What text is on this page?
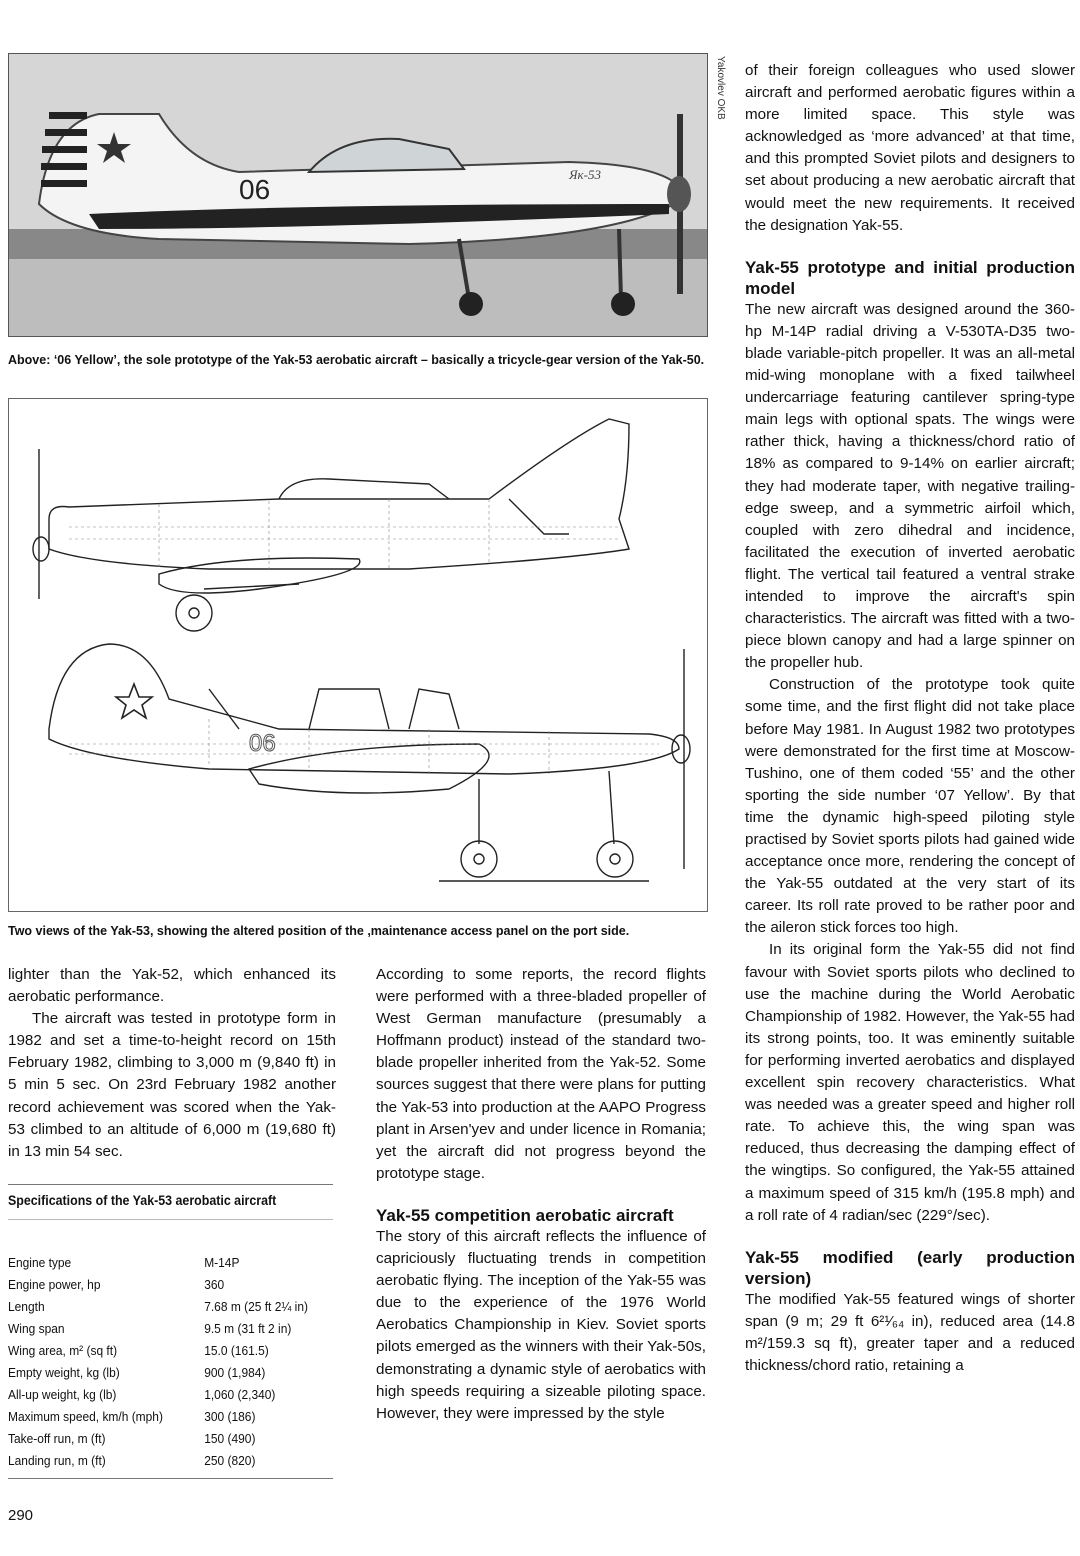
06	Як-53
Yakovlev OKB
Above: ‘06 Yellow’, the sole prototype of the Yak-53 aerobatic aircraft – basically a tricycle-gear version of the Yak-50.
06
Two views of the Yak-53, showing the altered position of the ,maintenance access panel on the port side.

lighter than the Yak-52, which enhanced its aerobatic performance.

The aircraft was tested in prototype form in 1982 and set a time-to-height record on 15th February 1982, climbing to 3,000 m (9,840 ft) in 5 min 5 sec. On 23rd February 1982 another record achievement was scored when the Yak-53 climbed to an altitude of 6,000 m (19,680 ft) in 13 min 54 sec.

Specifications of the Yak-53 aerobatic aircraft
Engine type	M-14P
Engine power, hp	360
Length	7.68 m (25 ft 2¼ in)
Wing span	9.5 m (31 ft 2 in)
Wing area, m² (sq ft)	15.0 (161.5)
Empty weight, kg (lb)	900 (1,984)
All-up weight, kg (lb)	1,060 (2,340)
Maximum speed, km/h (mph)	300 (186)
Take-off run, m (ft)	150 (490)
Landing run, m (ft)	250 (820)

According to some reports, the record flights were performed with a three-bladed propeller of West German manufacture (presumably a Hoffmann product) instead of the standard two-blade propeller inherited from the Yak-52. Some sources suggest that there were plans for putting the Yak-53 into production at the AAPO Progress plant in Arsen'yev and under licence in Romania; yet the aircraft did not progress beyond the prototype stage.

Yak-55 competition aerobatic aircraft

The story of this aircraft reflects the influence of capriciously fluctuating trends in competition aerobatic flying. The inception of the Yak-55 was due to the experience of the 1976 World Aerobatics Championship in Kiev. Soviet sports pilots emerged as the winners with their Yak-50s, demonstrating a dynamic style of aerobatics with high speeds requiring a sizeable piloting space. However, they were impressed by the style

of their foreign colleagues who used slower aircraft and performed aerobatic figures within a more limited space. This style was acknowledged as ‘more advanced’ at that time, and this prompted Soviet pilots and designers to set about producing a new aerobatic aircraft that would meet the new requirements. It received the designation Yak-55.

Yak-55 prototype and initial production model

The new aircraft was designed around the 360-hp M-14P radial driving a V-530TA-D35 two-blade variable-pitch propeller. It was an all-metal mid-wing monoplane with a fixed tailwheel undercarriage featuring cantilever spring-type main legs with optional spats. The wings were rather thick, having a thickness/chord ratio of 18% as compared to 9-14% on earlier aircraft; they had moderate taper, with negative trailing-edge sweep, and a symmetric airfoil which, coupled with zero dihedral and incidence, facilitated the execution of inverted aerobatic flight. The vertical tail featured a ventral strake intended to improve the aircraft's spin characteristics. The aircraft was fitted with a two-piece blown canopy and had a large spinner on the propeller hub.

Construction of the prototype took quite some time, and the first flight did not take place before May 1981. In August 1982 two prototypes were demonstrated for the first time at Moscow-Tushino, one of them coded ‘55’ and the other sporting the side number ‘07 Yellow’. By that time the dynamic high-speed piloting style practised by Soviet sports pilots had gained wide acceptance once more, rendering the concept of the Yak-55 outdated at the very start of its career. Its roll rate proved to be rather poor and the aileron stick forces too high.

In its original form the Yak-55 did not find favour with Soviet sports pilots who declined to use the machine during the World Aerobatic Championship of 1982. However, the Yak-55 had its strong points, too. It was eminently suitable for performing inverted aerobatics and displayed excellent spin recovery characteristics. What was needed was a greater speed and higher roll rate. To achieve this, the wing span was reduced, thus decreasing the damping effect of the wingtips. So configured, the Yak-55 attained a maximum speed of 315 km/h (195.8 mph) and a roll rate of 4 radian/sec (229°/sec).

Yak-55 modified (early production version)

The modified Yak-55 featured wings of shorter span (9 m; 29 ft 6²¹⁄₆₄ in), reduced area (14.8 m²/159.3 sq ft), greater taper and a reduced thickness/chord ratio, retaining a

290
